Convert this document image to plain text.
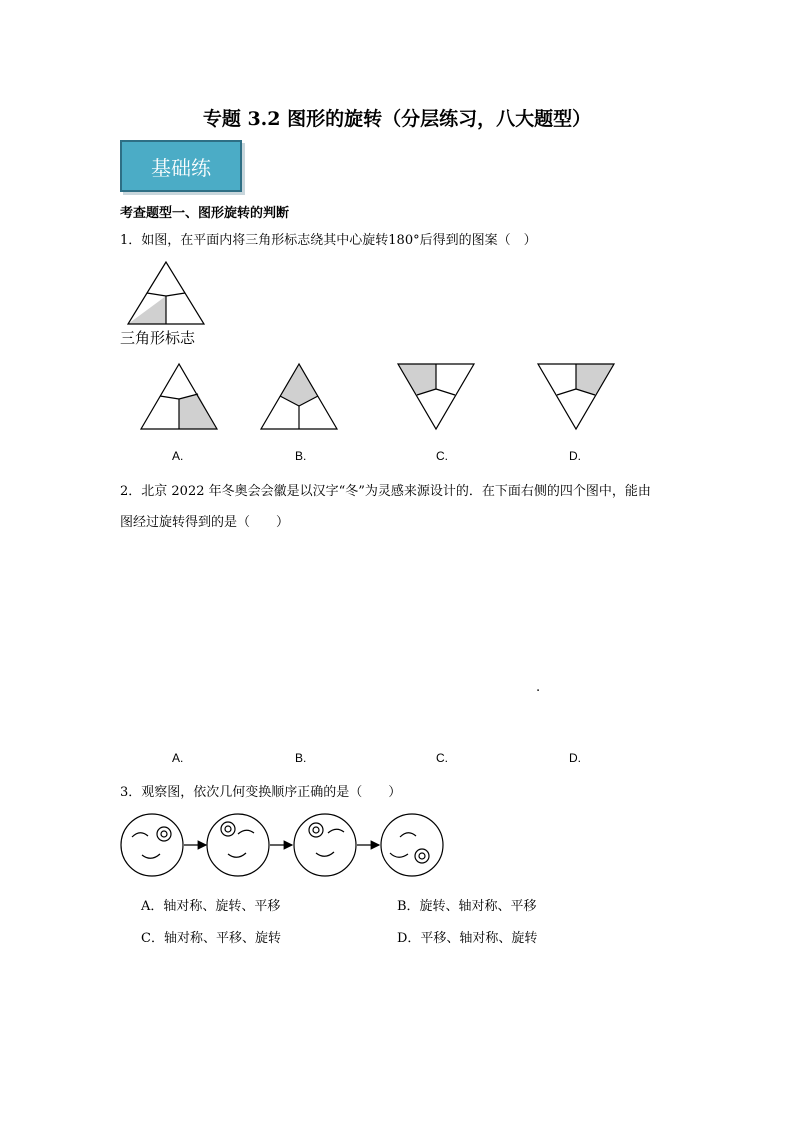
专题 3.2 图形的旋转（分层练习，八大题型）
基础练
考查题型一、图形旋转的判断
1．如图，在平面内将三角形标志绕其中心旋转180°后得到的图案（　）
三角形标志
A.	B.	C.	D.
2．北京 2022 年冬奥会会徽是以汉字“冬”为灵感来源设计的．在下面右侧的四个图中，能由
图经过旋转得到的是（　　）
.
A.	B.	C.	D.
3．观察图，依次几何变换顺序正确的是（　　）
A．轴对称、旋转、平移	B．旋转、轴对称、平移
C．轴对称、平移、旋转	D．平移、轴对称、旋转
